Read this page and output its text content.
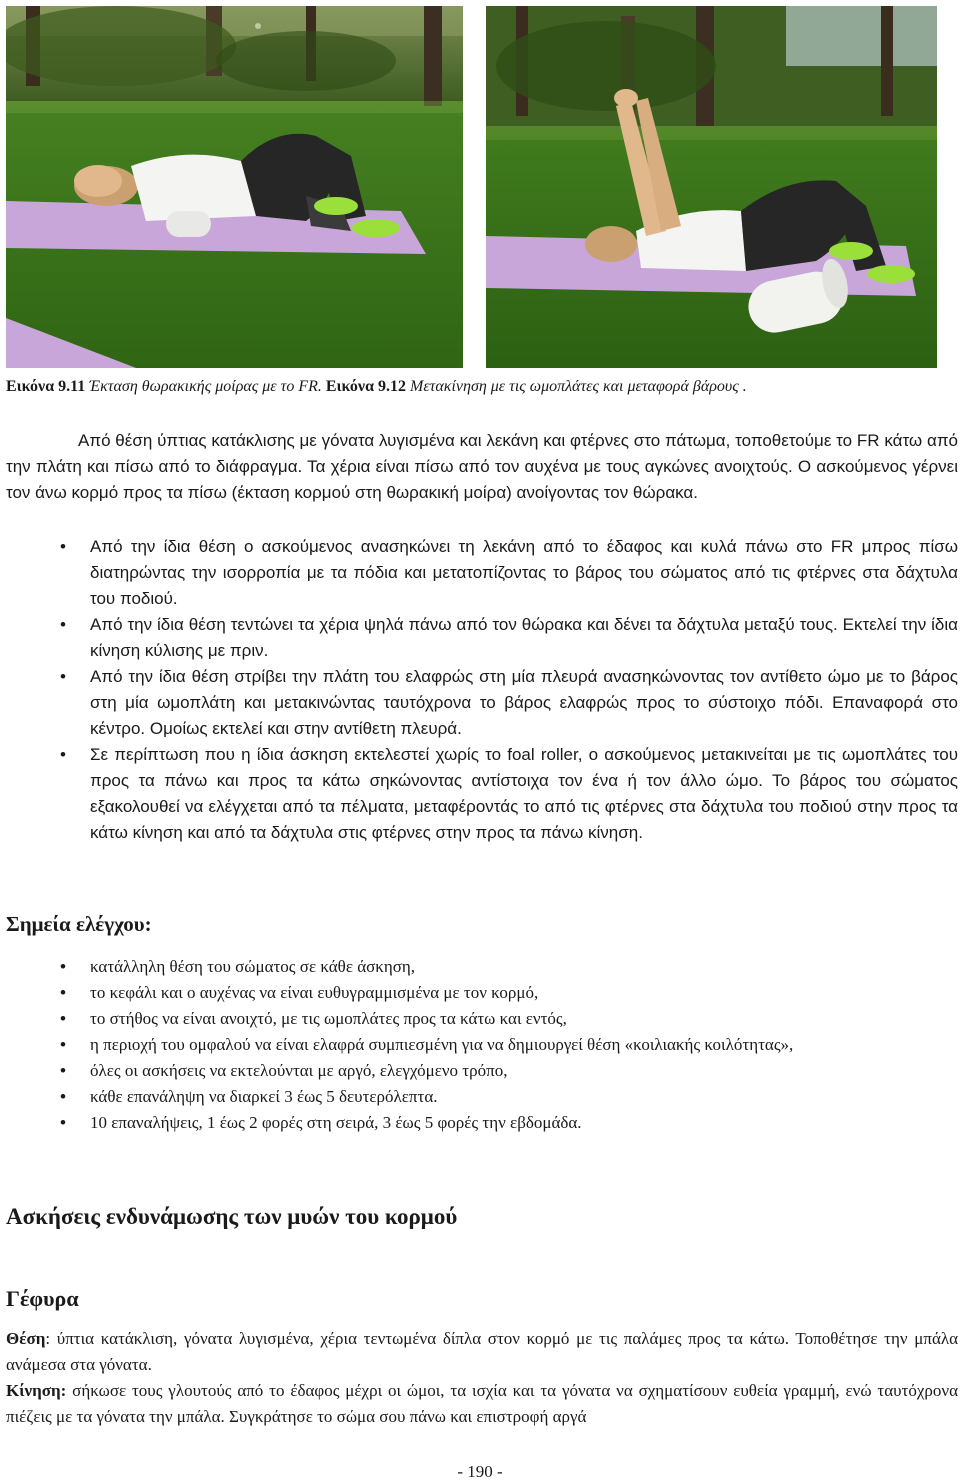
Εικόνα 9.11 Έκταση θωρακικής μοίρας με το FR. Εικόνα 9.12 Μετακίνηση με τις ωμοπλάτες και μεταφορά βάρους .

Από θέση ύπτιας κατάκλισης με γόνατα λυγισμένα και λεκάνη και φτέρνες στο πάτωμα, τοποθετούμε το FR κάτω από την πλάτη και πίσω από το διάφραγμα. Τα χέρια είναι πίσω από τον αυχένα με τους αγκώνες ανοιχτούς. Ο ασκούμενος γέρνει τον άνω κορμό προς τα πίσω (έκταση κορμού στη θωρακική μοίρα) ανοίγοντας τον θώρακα.

• Από την ίδια θέση ο ασκούμενος ανασηκώνει τη λεκάνη από το έδαφος και κυλά πάνω στο FR μπρος πίσω διατηρώντας την ισορροπία με τα πόδια και μετατοπίζοντας το βάρος του σώματος από τις φτέρνες στα δάχτυλα του ποδιού.
• Από την ίδια θέση τεντώνει τα χέρια ψηλά πάνω από τον θώρακα και δένει τα δάχτυλα μεταξύ τους. Εκτελεί την ίδια κίνηση κύλισης με πριν.
• Από την ίδια θέση στρίβει την πλάτη του ελαφρώς στη μία πλευρά ανασηκώνοντας τον αντίθετο ώμο με το βάρος στη μία ωμοπλάτη και μετακινώντας ταυτόχρονα το βάρος ελαφρώς προς το σύστοιχο πόδι. Επαναφορά στο κέντρο. Ομοίως εκτελεί και στην αντίθετη πλευρά.
• Σε περίπτωση που η ίδια άσκηση εκτελεστεί χωρίς το foal roller, ο ασκούμενος μετακινείται με τις ωμοπλάτες του προς τα πάνω και προς τα κάτω σηκώνοντας αντίστοιχα τον ένα ή τον άλλο ώμο. Το βάρος του σώματος εξακολουθεί να ελέγχεται από τα πέλματα, μεταφέροντάς το από τις φτέρνες στα δάχτυλα του ποδιού στην προς τα κάτω κίνηση και από τα δάχτυλα στις φτέρνες στην προς τα πάνω κίνηση.
Σημεία ελέγχου:
• κατάλληλη θέση του σώματος σε κάθε άσκηση,
• το κεφάλι και ο αυχένας να είναι ευθυγραμμισμένα με τον κορμό,
• το στήθος να είναι ανοιχτό, με τις ωμοπλάτες προς τα κάτω και εντός,
• η περιοχή του ομφαλού να είναι ελαφρά συμπιεσμένη για να δημιουργεί θέση «κοιλιακής κοιλότητας»,
• όλες οι ασκήσεις να εκτελούνται με αργό, ελεγχόμενο τρόπο,
• κάθε επανάληψη να διαρκεί 3 έως 5 δευτερόλεπτα.
• 10 επαναλήψεις, 1 έως 2 φορές στη σειρά, 3 έως 5 φορές την εβδομάδα.
Ασκήσεις ενδυνάμωσης των μυών του κορμού
Γέφυρα
Θέση: ύπτια κατάκλιση, γόνατα λυγισμένα, χέρια τεντωμένα δίπλα στον κορμό με τις παλάμες προς τα κάτω. Τοποθέτησε την μπάλα ανάμεσα στα γόνατα.
Κίνηση: σήκωσε τους γλουτούς από το έδαφος μέχρι οι ώμοι, τα ισχία και τα γόνατα να σχηματίσουν ευθεία γραμμή, ενώ ταυτόχρονα πιέζεις με τα γόνατα την μπάλα. Συγκράτησε το σώμα σου πάνω και επιστροφή αργά
- 190 -
